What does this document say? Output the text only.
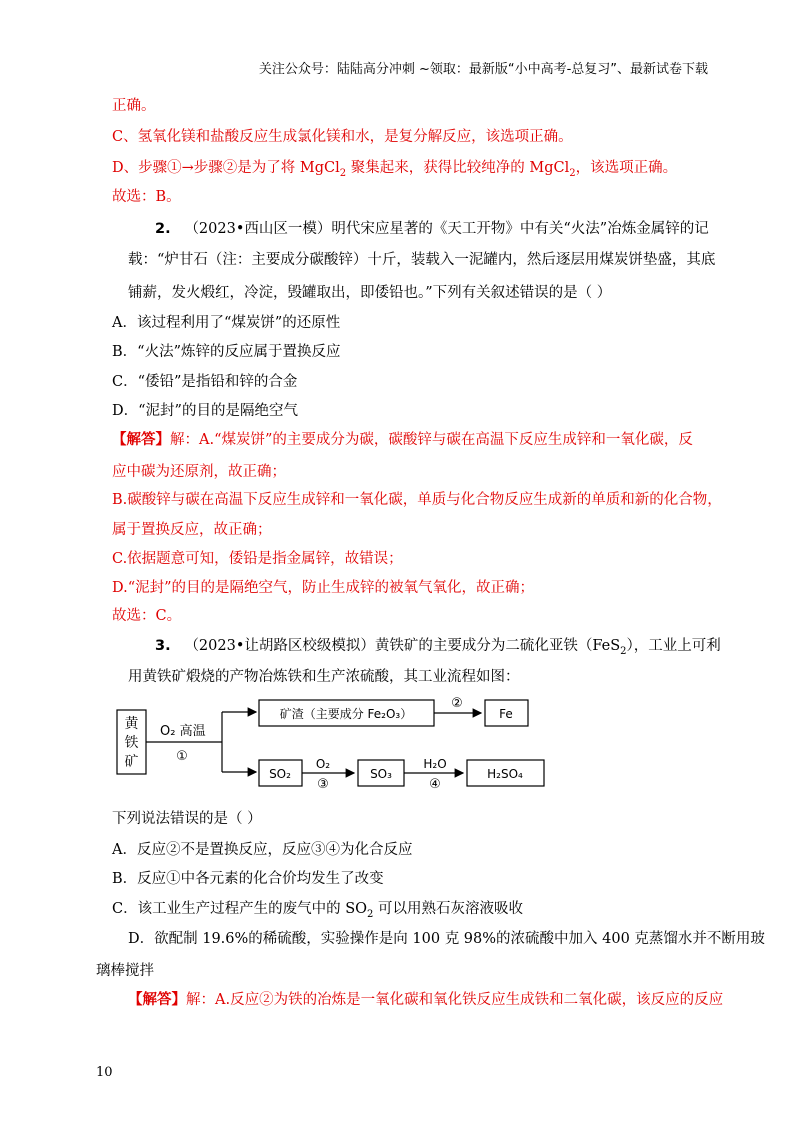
关注公众号：陆陆高分冲刺 ~领取：最新版“小中高考-总复习”、最新试卷下载
正确。
C、氢氧化镁和盐酸反应生成氯化镁和水，是复分解反应，该选项正确。
D、步骤①→步骤②是为了将 MgCl$_2$ 聚集起来，获得比较纯净的 MgCl$_2$，该选项正确。
故选：B。
2. （2023•西山区一模）明代宋应星著的《天工开物》中有关“火法”冶炼金属锌的记
载：“炉甘石（注：主要成分碳酸锌）十斤，装载入一泥罐内，然后逐层用煤炭饼垫盛，其底
铺薪，发火煅红，冷淀，毁罐取出，即倭铅也。”下列有关叙述错误的是（ ）
A．该过程利用了“煤炭饼”的还原性
B．“火法”炼锌的反应属于置换反应
C．“倭铅”是指铅和锌的合金
D．“泥封”的目的是隔绝空气
【解答】解：A.“煤炭饼”的主要成分为碳，碳酸锌与碳在高温下反应生成锌和一氧化碳，反
应中碳为还原剂，故正确；
B.碳酸锌与碳在高温下反应生成锌和一氧化碳，单质与化合物反应生成新的单质和新的化合物，
属于置换反应，故正确；
C.依据题意可知，倭铅是指金属锌，故错误；
D.“泥封”的目的是隔绝空气，防止生成锌的被氧气氧化，故正确；
故选：C。
3. （2023•让胡路区校级模拟）黄铁矿的主要成分为二硫化亚铁（FeS$_2$），工业上可利
用黄铁矿煅烧的产物冶炼铁和生产浓硫酸，其工业流程如图：
黄
铁
矿
O₂ 高温
①
矿渣（主要成分 Fe₂O₃）
②
Fe
SO₂
O₂
③
SO₃
H₂O
④
H₂SO₄
下列说法错误的是（ ）
A．反应②不是置换反应，反应③④为化合反应
B．反应①中各元素的化合价均发生了改变
C．该工业生产过程产生的废气中的 $SO_2$ 可以用熟石灰溶液吸收
D．欲配制 19.6%的稀硫酸，实验操作是向 100 克 98%的浓硫酸中加入 400 克蒸馏水并不断用玻
璃棒搅拌
【解答】解：A.反应②为铁的冶炼是一氧化碳和氧化铁反应生成铁和二氧化碳，该反应的反应
10
